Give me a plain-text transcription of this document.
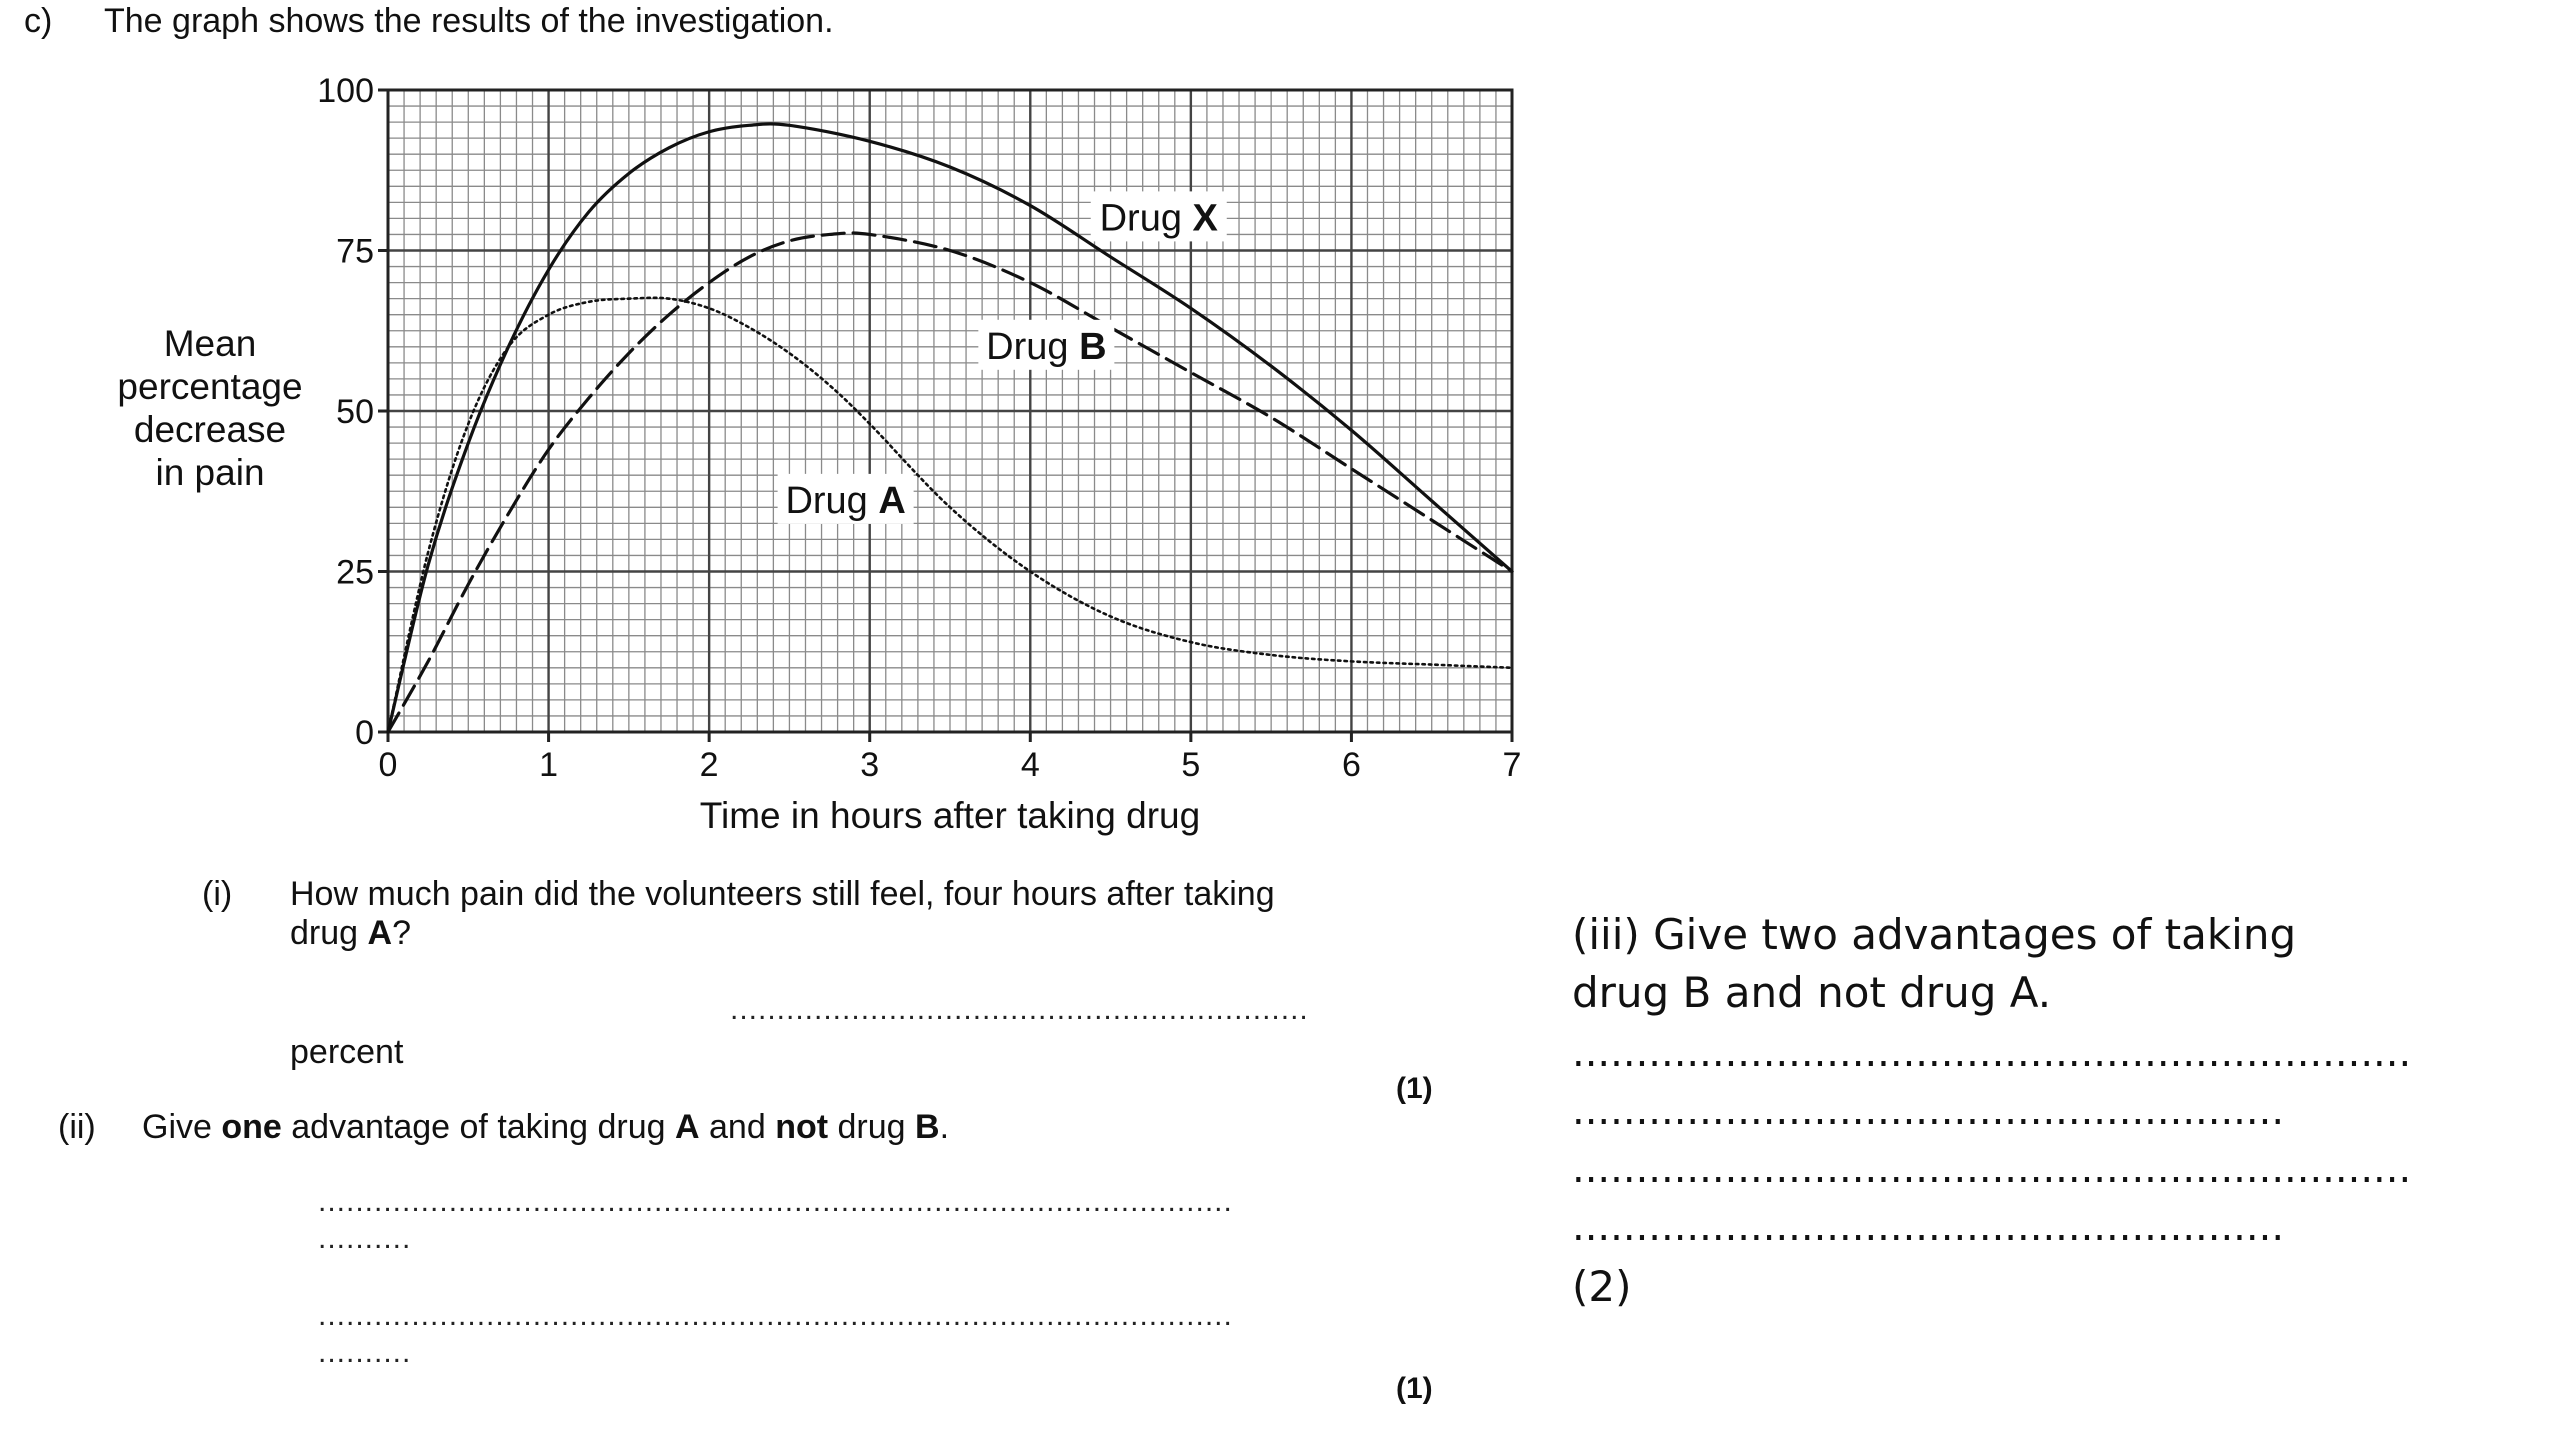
c) The graph shows the results of the investigation.
Drug X
Drug B
Drug A
0	1	2	3	4	5	6	7
0
25
50
75
100
Time in hours after taking drug
Mean
percentage
decrease
in pain
(i) How much pain did the volunteers still feel, four hours after taking
drug A?
..............................................................
percent
(1)
(ii) Give one advantage of taking drug A and not drug B.
..................................................................................................
..........
..................................................................................................
..........
(1)
(iii) Give two advantages of taking
drug B and not drug A.
..................................................................
........................................................
..................................................................
........................................................
(2)
